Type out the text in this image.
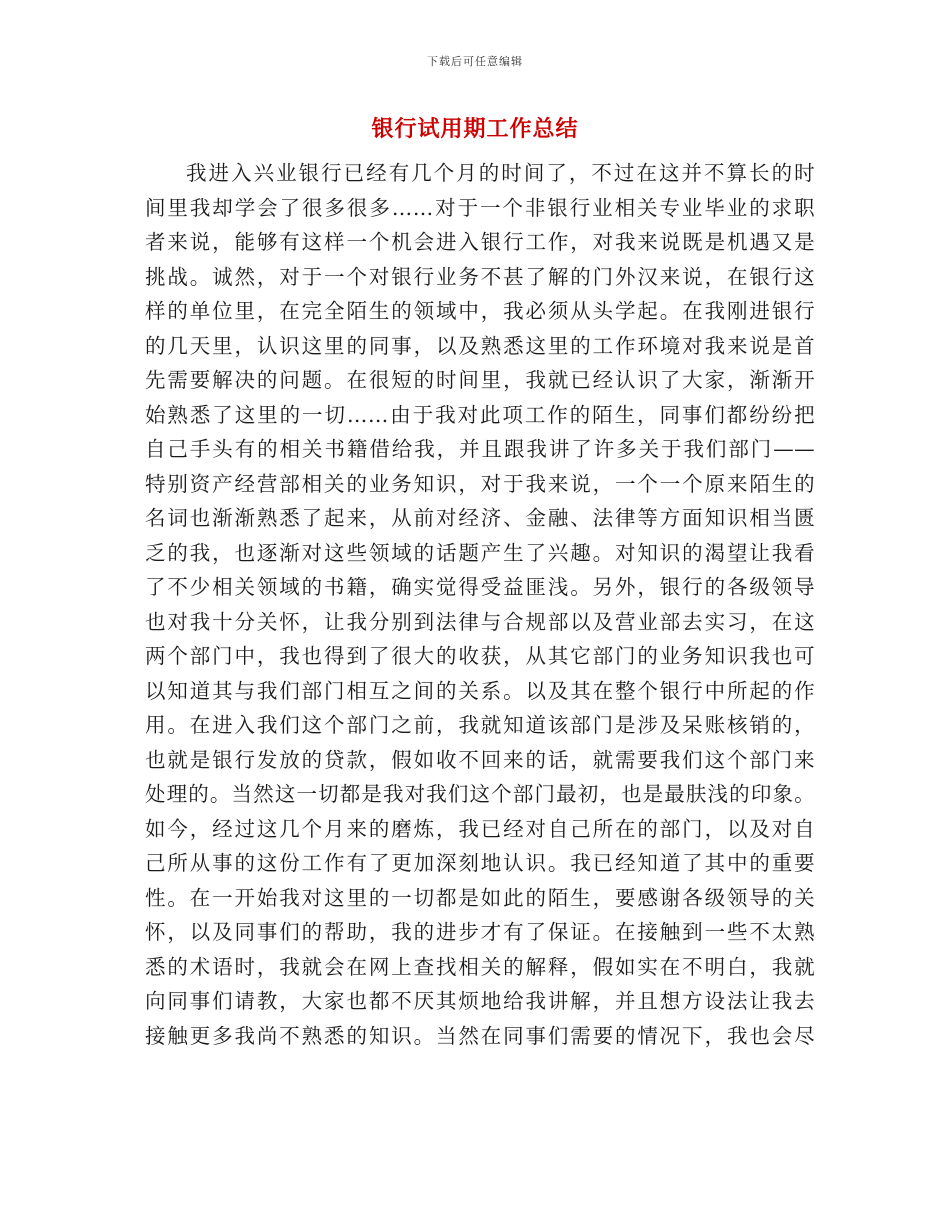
下载后可任意编辑
银行试用期工作总结
我进入兴业银行已经有几个月的时间了，不过在这并不算长的时
间里我却学会了很多很多……对于一个非银行业相关专业毕业的求职
者来说，能够有这样一个机会进入银行工作，对我来说既是机遇又是
挑战。诚然，对于一个对银行业务不甚了解的门外汉来说，在银行这
样的单位里，在完全陌生的领域中，我必须从头学起。在我刚进银行
的几天里，认识这里的同事，以及熟悉这里的工作环境对我来说是首
先需要解决的问题。在很短的时间里，我就已经认识了大家，渐渐开
始熟悉了这里的一切……由于我对此项工作的陌生，同事们都纷纷把
自己手头有的相关书籍借给我，并且跟我讲了许多关于我们部门——
特别资产经营部相关的业务知识，对于我来说，一个一个原来陌生的
名词也渐渐熟悉了起来，从前对经济、金融、法律等方面知识相当匮
乏的我，也逐渐对这些领域的话题产生了兴趣。对知识的渴望让我看
了不少相关领域的书籍，确实觉得受益匪浅。另外，银行的各级领导
也对我十分关怀，让我分别到法律与合规部以及营业部去实习，在这
两个部门中，我也得到了很大的收获，从其它部门的业务知识我也可
以知道其与我们部门相互之间的关系。以及其在整个银行中所起的作
用。在进入我们这个部门之前，我就知道该部门是涉及呆账核销的，
也就是银行发放的贷款，假如收不回来的话，就需要我们这个部门来
处理的。当然这一切都是我对我们这个部门最初，也是最肤浅的印象。
如今，经过这几个月来的磨炼，我已经对自己所在的部门，以及对自
己所从事的这份工作有了更加深刻地认识。我已经知道了其中的重要
性。在一开始我对这里的一切都是如此的陌生，要感谢各级领导的关
怀，以及同事们的帮助，我的进步才有了保证。在接触到一些不太熟
悉的术语时，我就会在网上查找相关的解释，假如实在不明白，我就
向同事们请教，大家也都不厌其烦地给我讲解，并且想方设法让我去
接触更多我尚不熟悉的知识。当然在同事们需要的情况下，我也会尽
